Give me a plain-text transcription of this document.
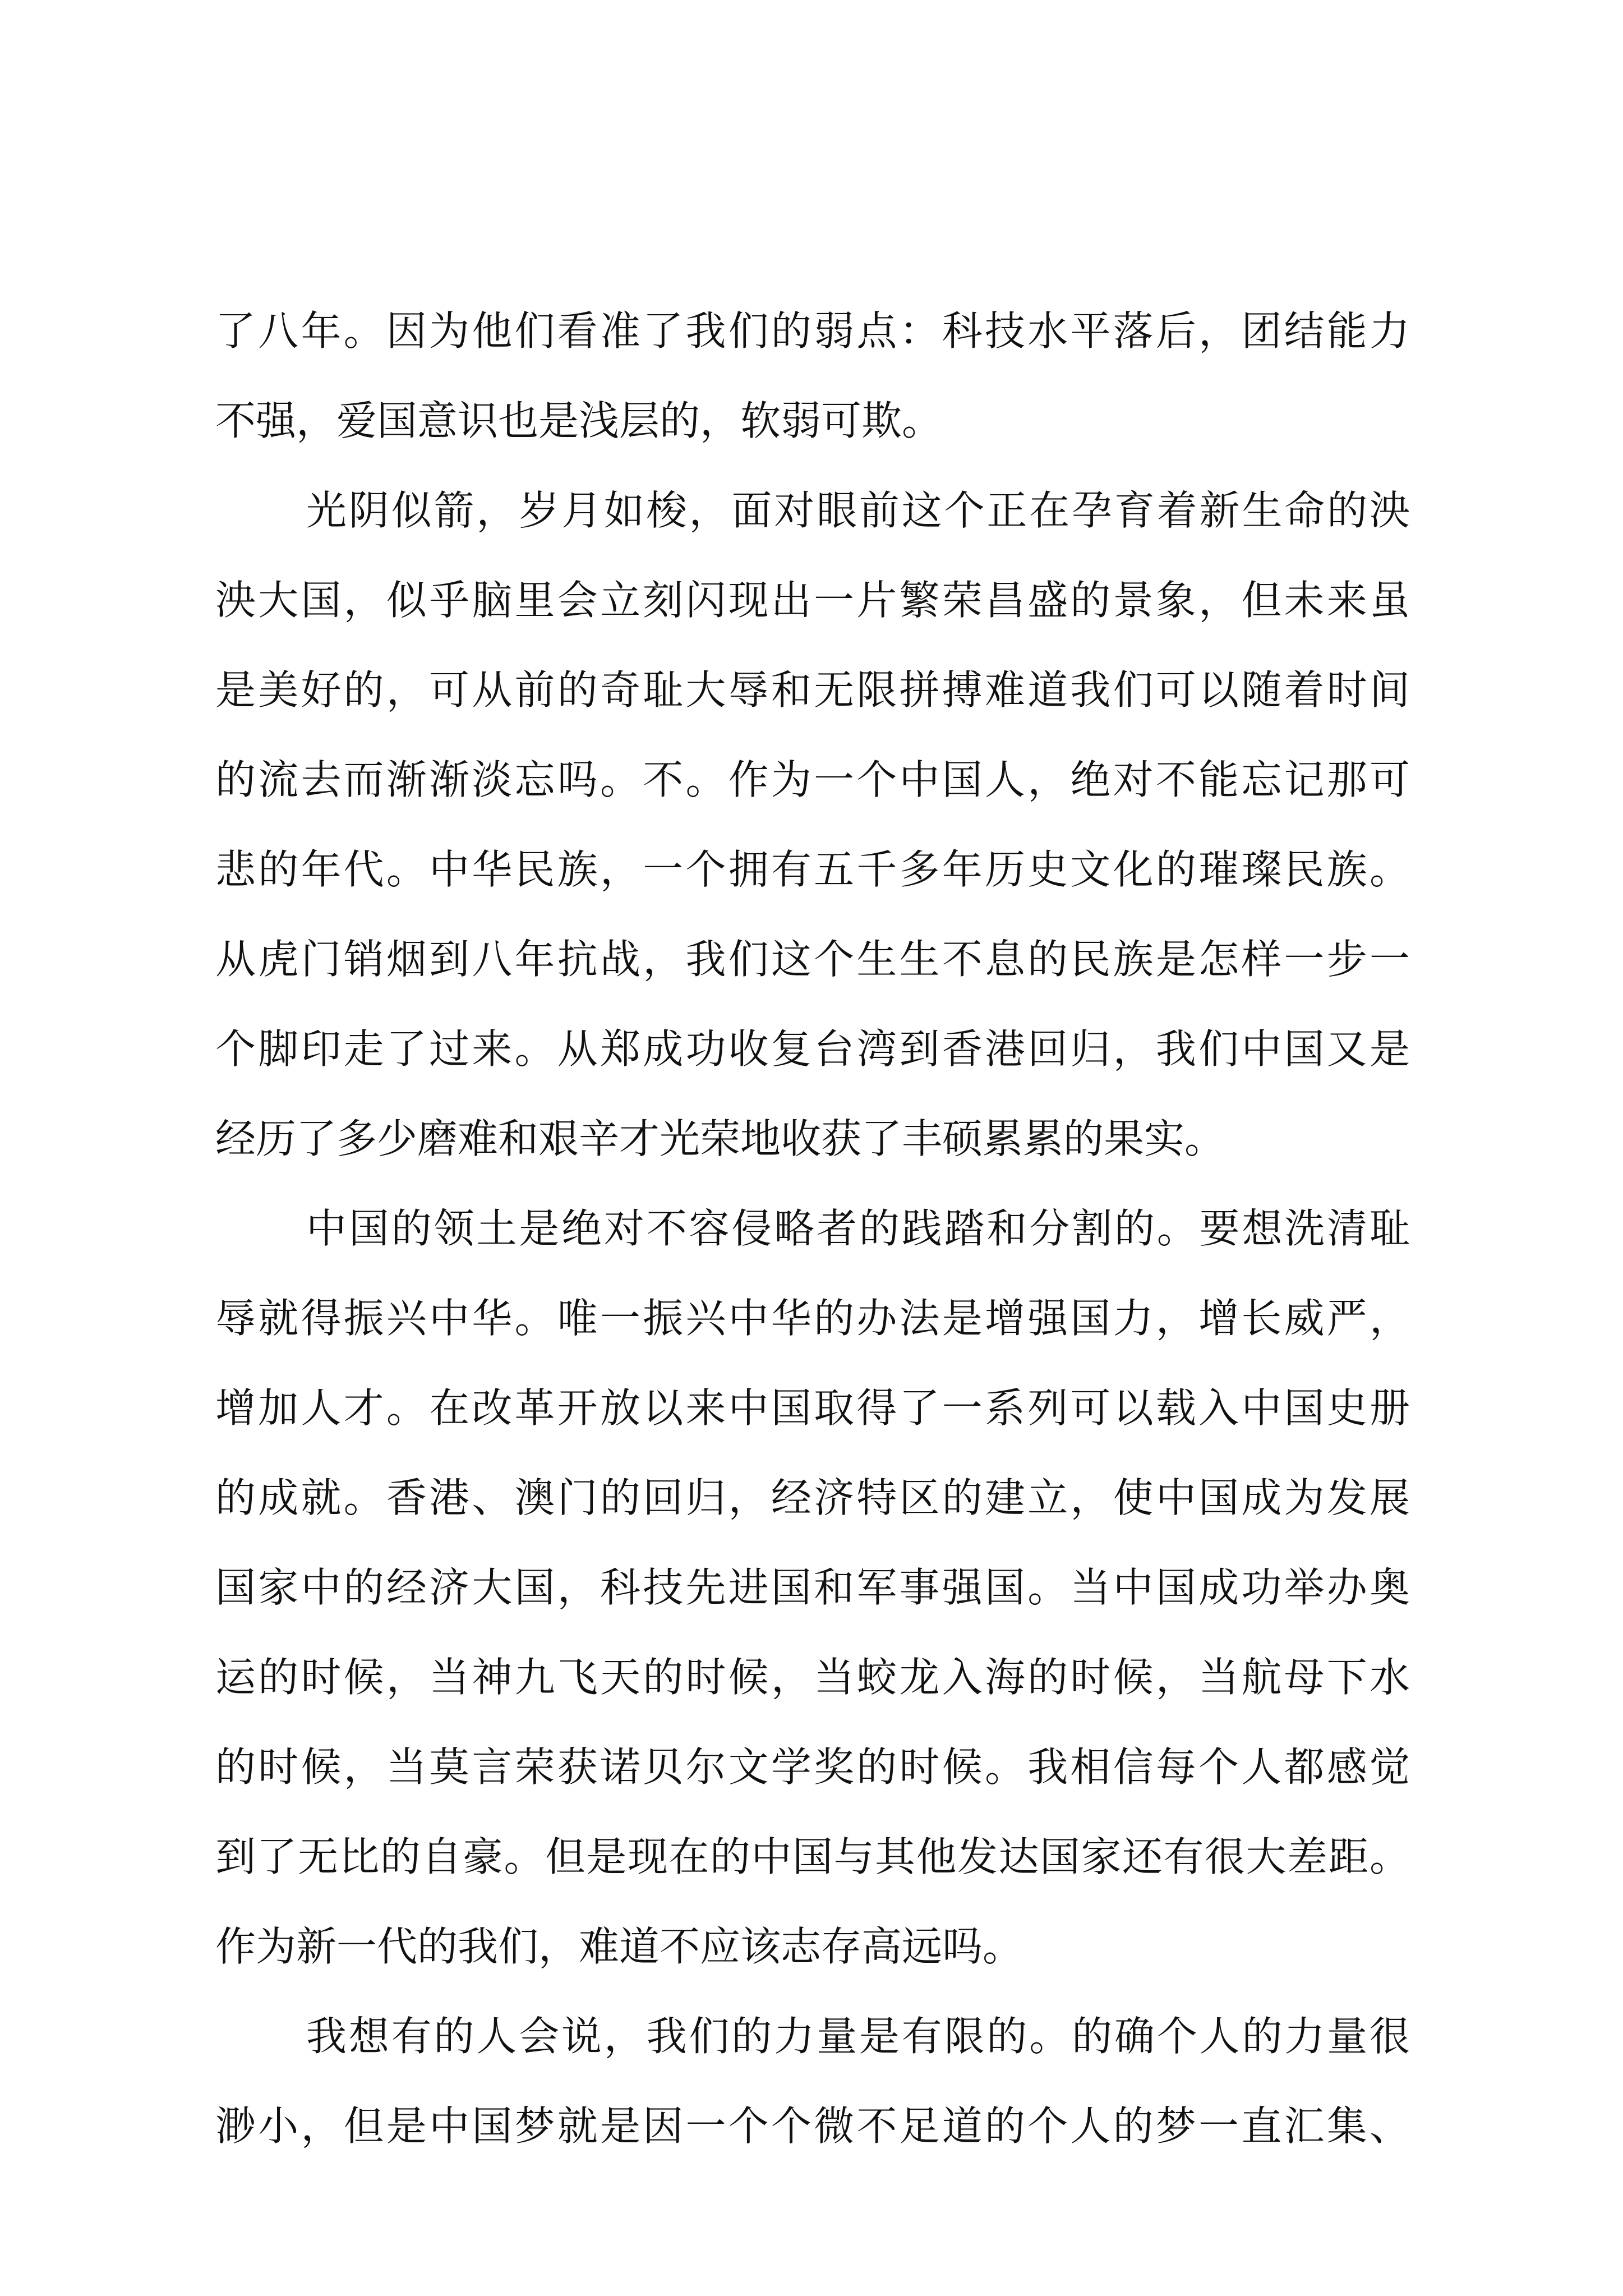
了八年。因为他们看准了我们的弱点：科技水平落后，团结能力
不强，爱国意识也是浅层的，软弱可欺。
光阴似箭，岁月如梭，面对眼前这个正在孕育着新生命的泱
泱大国，似乎脑里会立刻闪现出一片繁荣昌盛的景象，但未来虽
是美好的，可从前的奇耻大辱和无限拼搏难道我们可以随着时间
的流去而渐渐淡忘吗。不。作为一个中国人，绝对不能忘记那可
悲的年代。中华民族，一个拥有五千多年历史文化的璀璨民族。
从虎门销烟到八年抗战，我们这个生生不息的民族是怎样一步一
个脚印走了过来。从郑成功收复台湾到香港回归，我们中国又是
经历了多少磨难和艰辛才光荣地收获了丰硕累累的果实。
中国的领土是绝对不容侵略者的践踏和分割的。要想洗清耻
辱就得振兴中华。唯一振兴中华的办法是增强国力，增长威严，
增加人才。在改革开放以来中国取得了一系列可以载入中国史册
的成就。香港、澳门的回归，经济特区的建立，使中国成为发展
国家中的经济大国，科技先进国和军事强国。当中国成功举办奥
运的时候，当神九飞天的时候，当蛟龙入海的时候，当航母下水
的时候，当莫言荣获诺贝尔文学奖的时候。我相信每个人都感觉
到了无比的自豪。但是现在的中国与其他发达国家还有很大差距。
作为新一代的我们，难道不应该志存高远吗。
我想有的人会说，我们的力量是有限的。的确个人的力量很
渺小，但是中国梦就是因一个个微不足道的个人的梦一直汇集、
